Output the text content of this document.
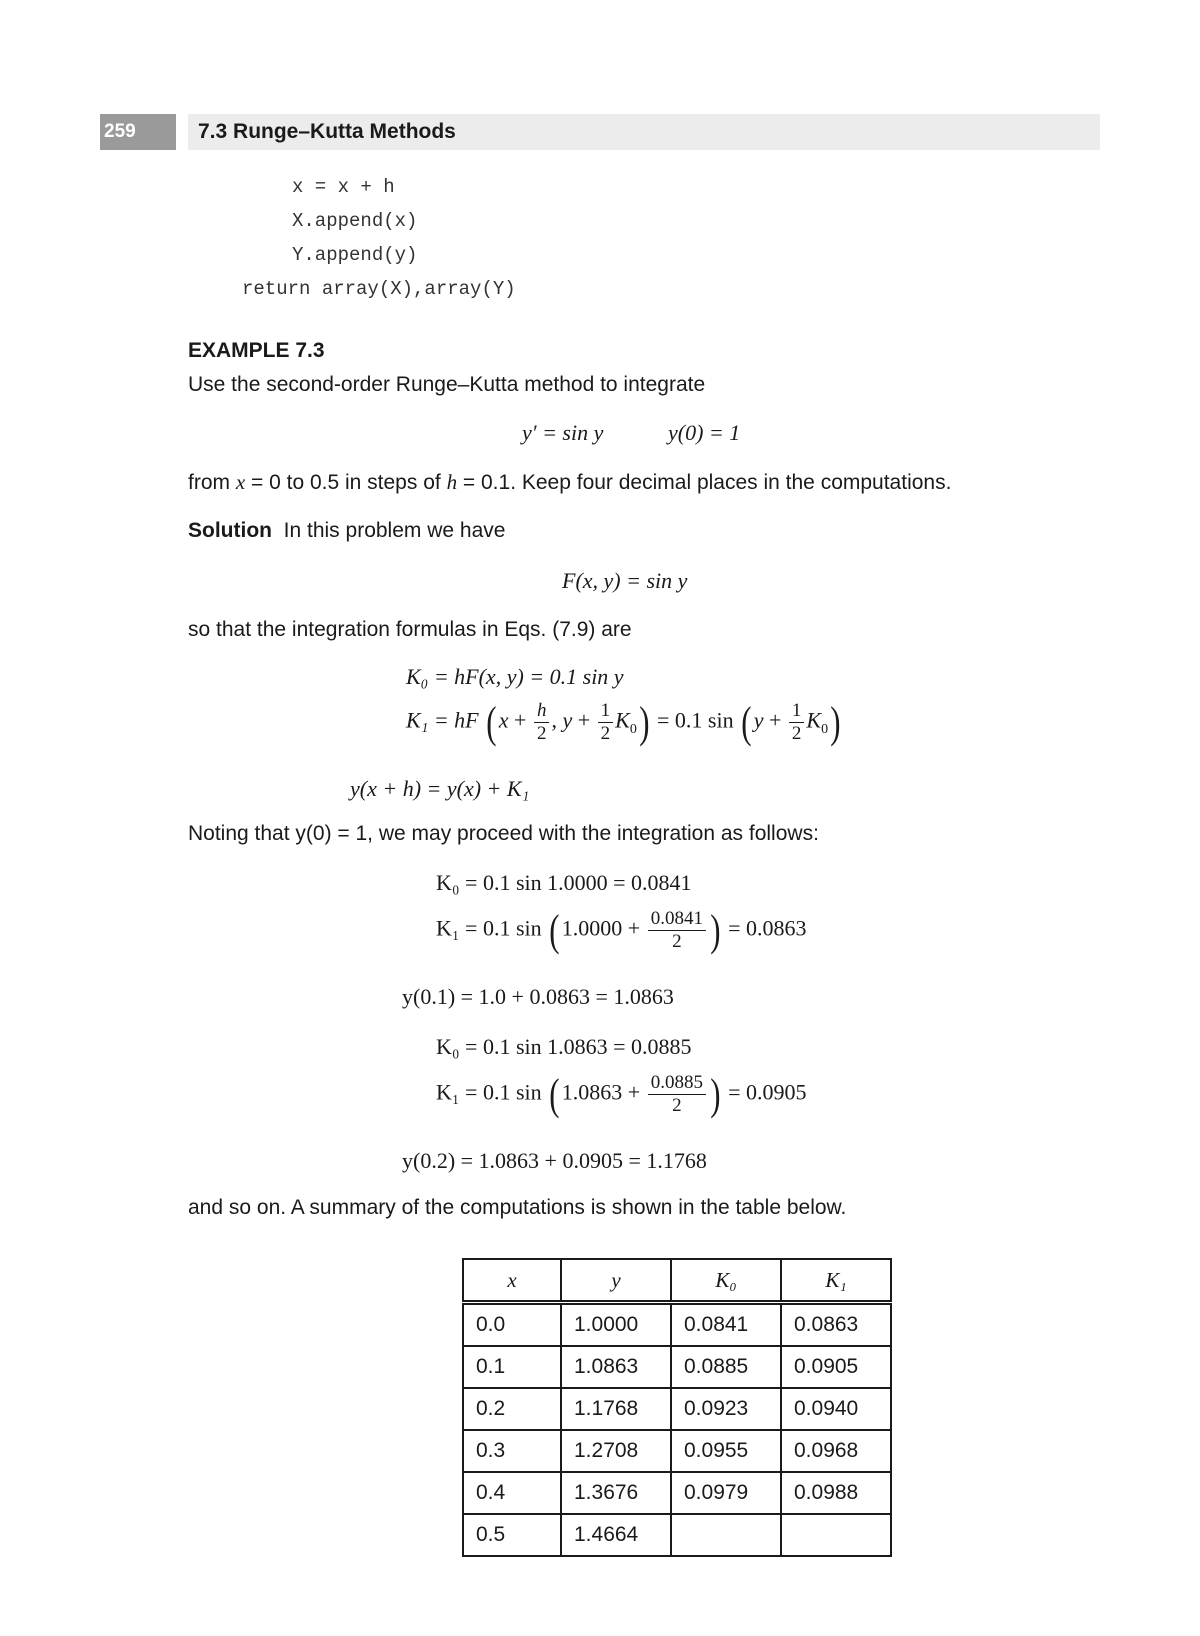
259	7.3 Runge–Kutta Methods
x = x + h
X.append(x)
Y.append(y)
return array(X),array(Y)
EXAMPLE 7.3
Use the second-order Runge–Kutta method to integrate
y′ = sin y	y(0) = 1
from x = 0 to 0.5 in steps of h = 0.1. Keep four decimal places in the computations.
Solution In this problem we have
F(x, y) = sin y
so that the integration formulas in Eqs. (7.9) are
K₀ = hF(x, y) = 0.1 sin y
K₁ = hF ($x + \frac{h}{2}$ , $y + \frac{1}{2} K_0) = 0.1$ $\sin (y + \frac{1}{2} K_0)$
y(x + h) = y(x) + K₁
Noting that y(0) = 1, we may proceed with the integration as follows:
K₀ = 0.1 sin 1.0000 = 0.0841
K₁ = 0.1 $\sin (1.0000 + \frac{0.0841}{2}$ ) = 0.0863
y(0.1) = 1.0 + 0.0863 = 1.0863
K₀ = 0.1 sin 1.0863 = 0.0885
K₁ = 0.1 $\sin (1.0863 + \frac{0.0885}{2}$ ) = 0.0905
y(0.2) = 1.0863 + 0.0905 = 1.1768
and so on. A summary of the computations is shown in the table below.
x	y	K₀	K₁
0.0	1.0000	0.0841	0.0863
0.1	1.0863	0.0885	0.0905
0.2	1.1768	0.0923	0.0940
0.3	1.2708	0.0955	0.0968
0.4	1.3676	0.0979	0.0988
0.5	1.4664		
